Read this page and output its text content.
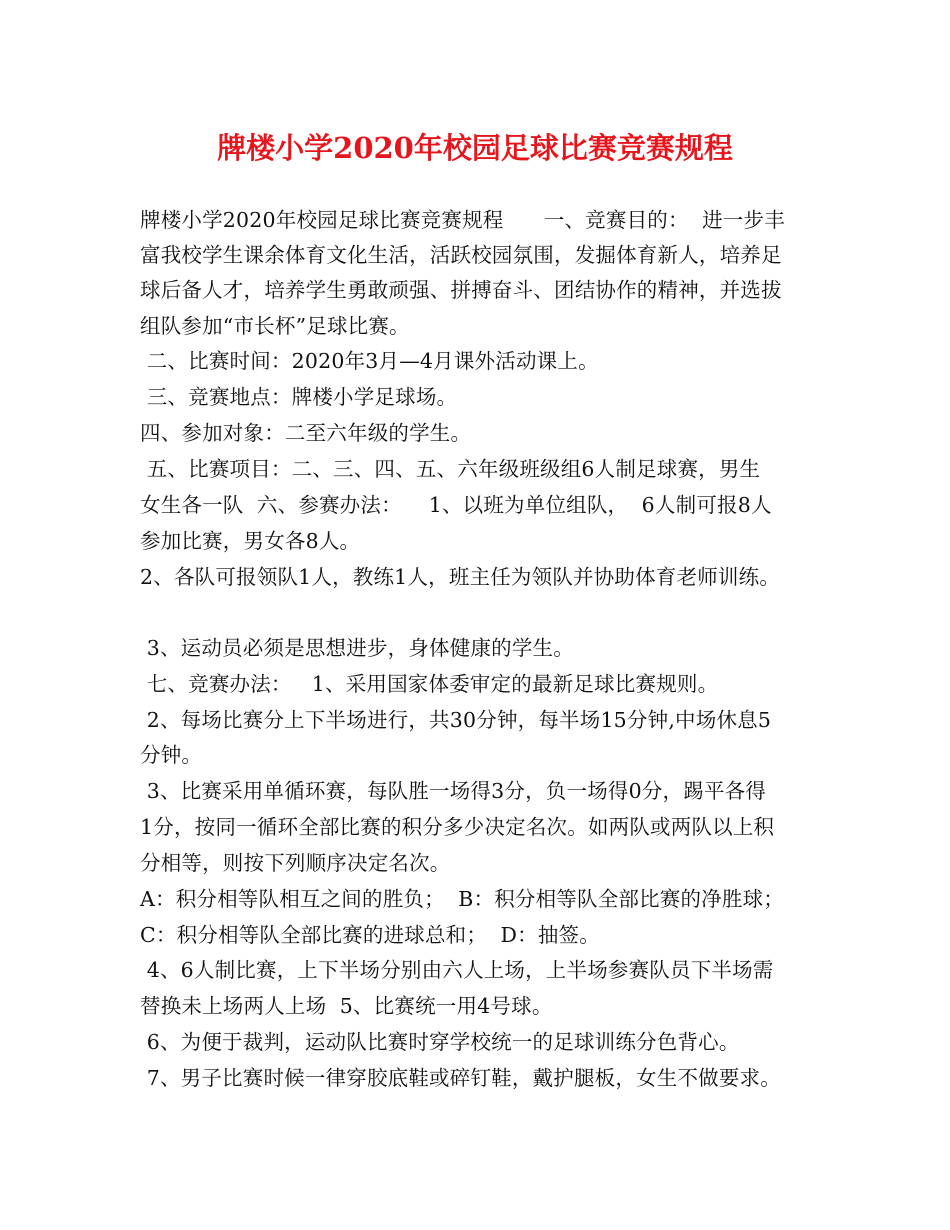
牌楼小学2020年校园足球比赛竞赛规程
牌楼小学2020年校园足球比赛竞赛规程      一、竞赛目的：  进一步丰
富我校学生课余体育文化生活，活跃校园氛围，发掘体育新人，培养足
球后备人才，培养学生勇敢顽强、拼搏奋斗、团结协作的精神，并选拔
组队参加“市长杯”足球比赛。
二、比赛时间：2020年3月—4月课外活动课上。
三、竞赛地点：牌楼小学足球场。
四、参加对象：二至六年级的学生。
五、比赛项目：二、三、四、五、六年级班级组6人制足球赛，男生
女生各一队  六、参赛办法：    1、以班为单位组队，  6人制可报8人
参加比赛，男女各8人。
2、各队可报领队1人，教练1人，班主任为领队并协助体育老师训练。
3、运动员必须是思想进步，身体健康的学生。
七、竞赛办法：   1、采用国家体委审定的最新足球比赛规则。
2、每场比赛分上下半场进行，共30分钟，每半场15分钟,中场休息5
分钟。
3、比赛采用单循环赛，每队胜一场得3分，负一场得0分，踢平各得
1分，按同一循环全部比赛的积分多少决定名次。如两队或两队以上积
分相等，则按下列顺序决定名次。
A：积分相等队相互之间的胜负；  B：积分相等队全部比赛的净胜球；
C：积分相等队全部比赛的进球总和；  D：抽签。
4、6人制比赛，上下半场分别由六人上场，上半场参赛队员下半场需
替换未上场两人上场  5、比赛统一用4号球。
6、为便于裁判，运动队比赛时穿学校统一的足球训练分色背心。
7、男子比赛时候一律穿胶底鞋或碎钉鞋，戴护腿板，女生不做要求。
